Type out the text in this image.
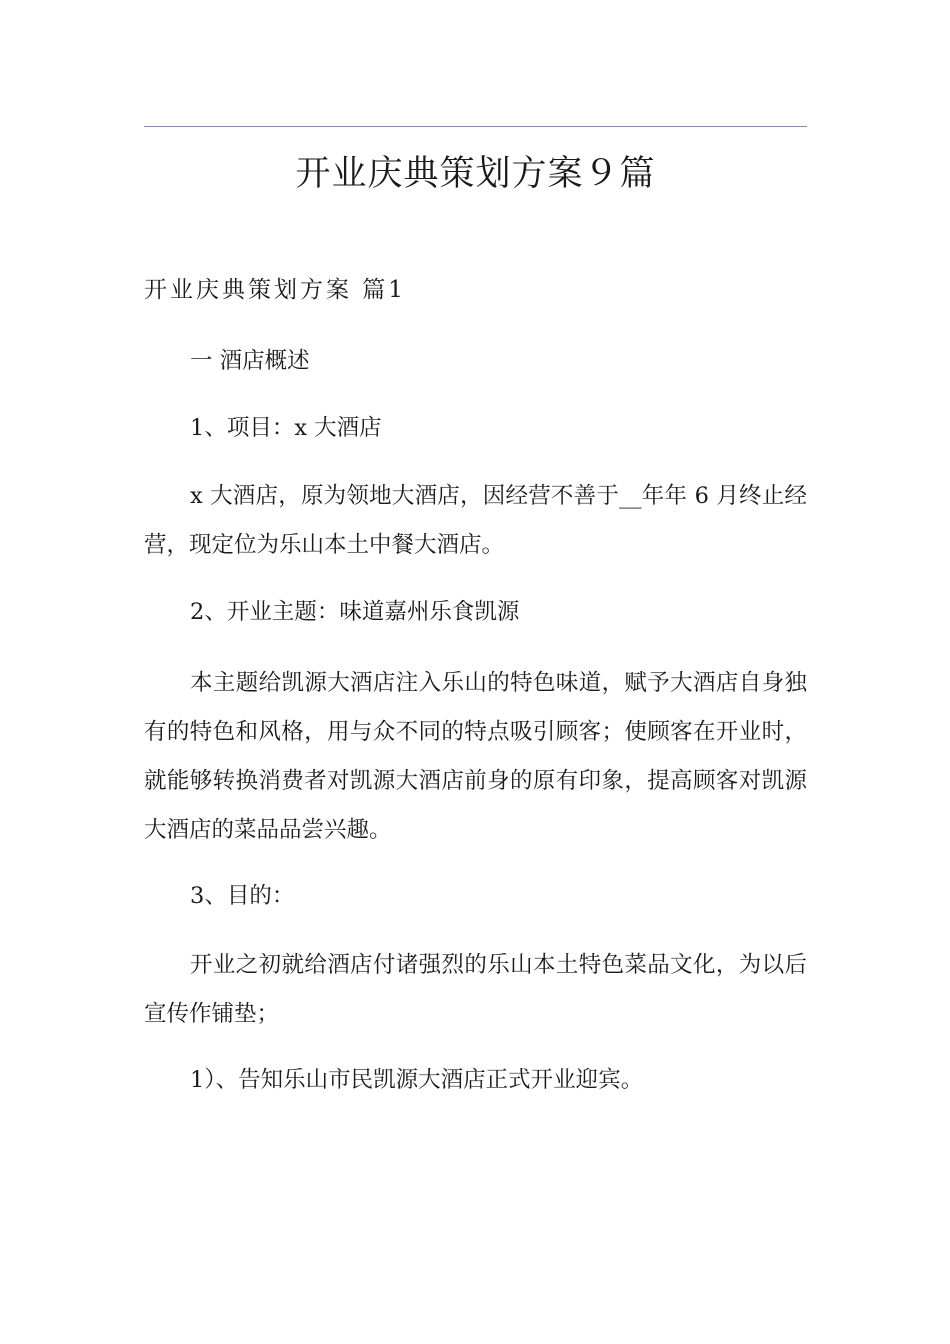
开业庆典策划方案９篇
开业庆典策划方案 篇1

一 酒店概述

1、项目：x 大酒店

x 大酒店，原为领地大酒店，因经营不善于__年年 6 月终止经营，现定位为乐山本土中餐大酒店。

2、开业主题：味道嘉州乐食凯源

本主题给凯源大酒店注入乐山的特色味道，赋予大酒店自身独有的特色和风格，用与众不同的特点吸引顾客；使顾客在开业时，就能够转换消费者对凯源大酒店前身的原有印象，提高顾客对凯源大酒店的菜品品尝兴趣。

3、目的：

开业之初就给酒店付诸强烈的乐山本土特色菜品文化，为以后宣传作铺垫；

1）、告知乐山市民凯源大酒店正式开业迎宾。
